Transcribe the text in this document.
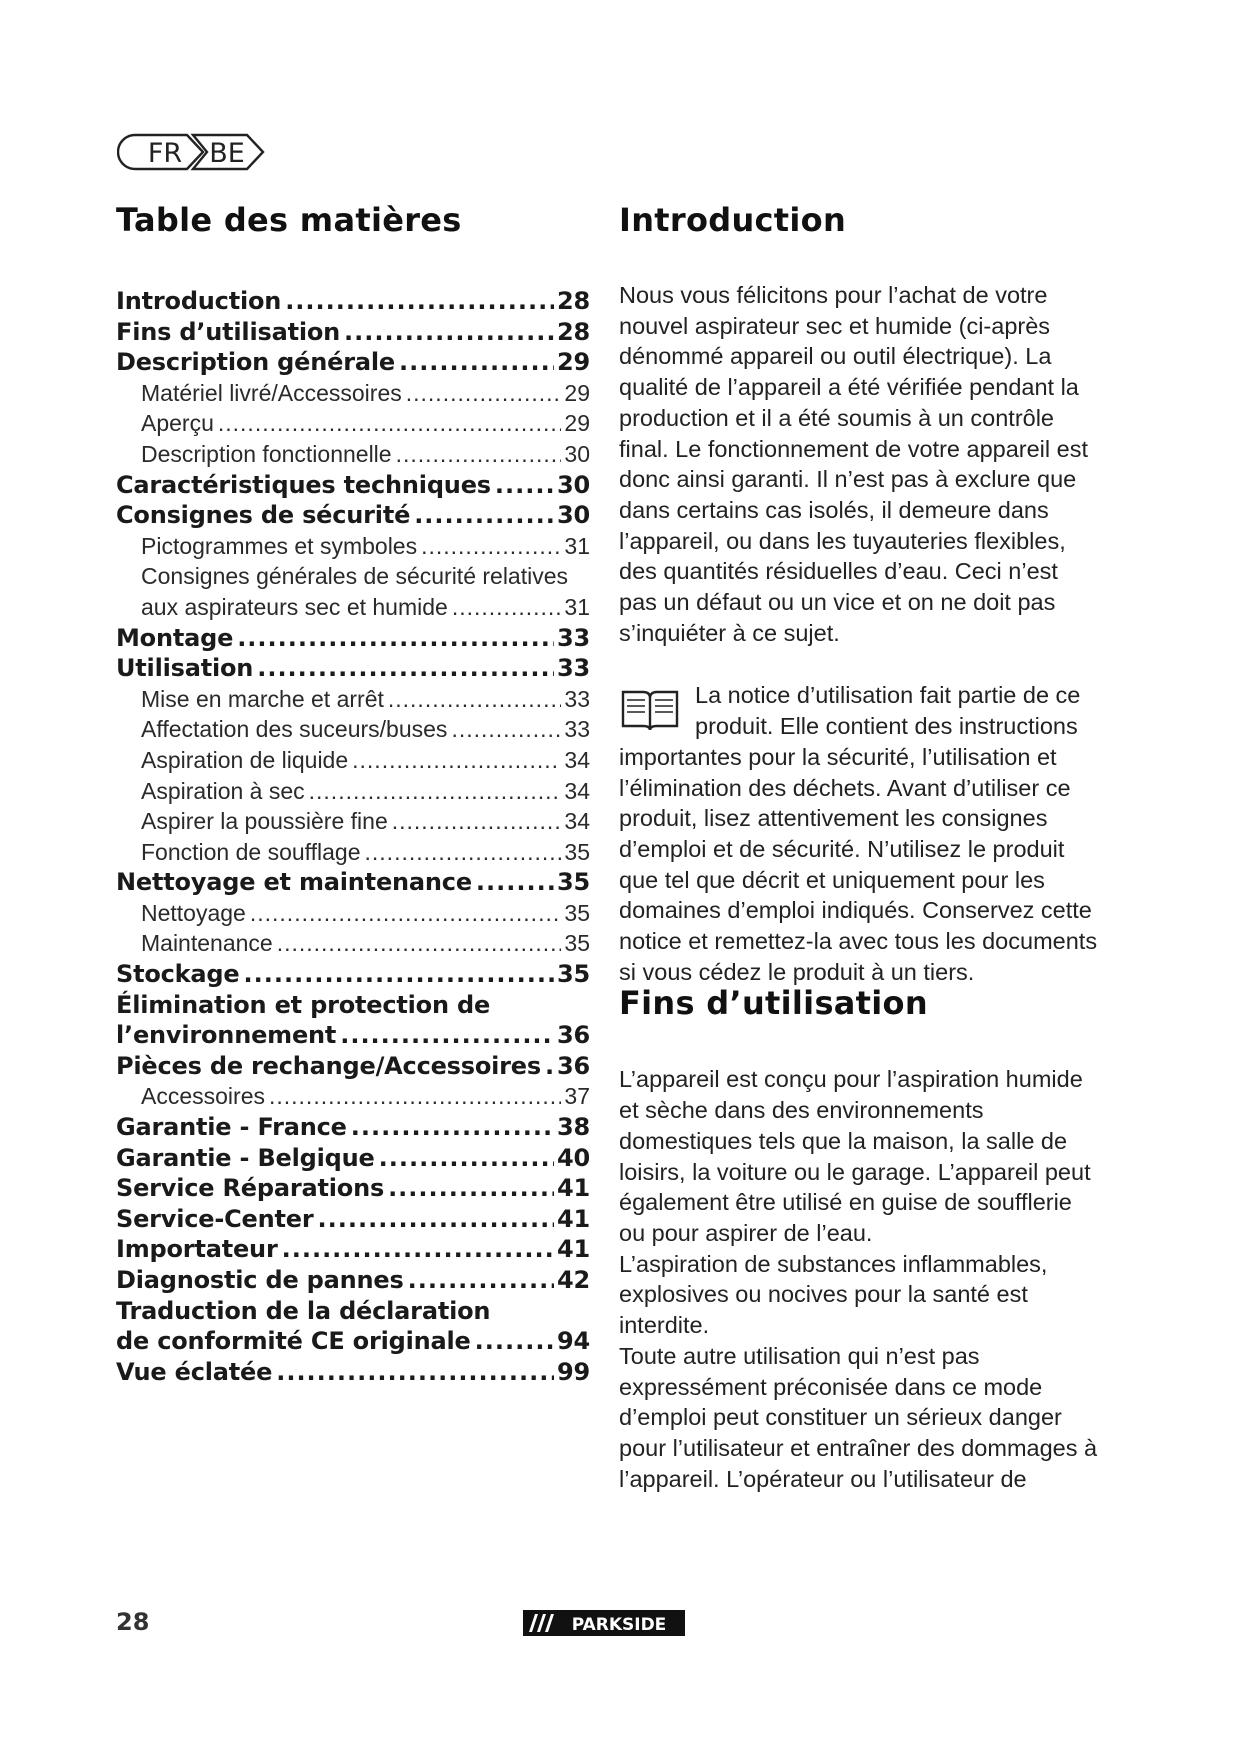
FR BE
Table des matières
Introduction .....	28
Fins d’utilisation .....	28
Description générale .....	29
Matériel livré/Accessoires .....	29
Aperçu .....	29
Description fonctionnelle .....	30
Caractéristiques techniques .....	30
Consignes de sécurité .....	30
Pictogrammes et symboles .....	31
Consignes générales de sécurité relatives
aux aspirateurs sec et humide .....	31
Montage .....	33
Utilisation .....	33
Mise en marche et arrêt .....	33
Affectation des suceurs/buses .....	33
Aspiration de liquide .....	34
Aspiration à sec .....	34
Aspirer la poussière fine .....	34
Fonction de soufflage .....	35
Nettoyage et maintenance .....	35
Nettoyage .....	35
Maintenance .....	35
Stockage .....	35
Élimination et protection de
l’environnement .....	36
Pièces de rechange/Accessoires ..... 36
Accessoires .....	37
Garantie - France .....	38
Garantie - Belgique .....	40
Service Réparations .....	41
Service-Center .....	41
Importateur .....	41
Diagnostic de pannes .....	42
Traduction de la déclaration
de conformité CE originale .....	94
Vue éclatée .....	99
Introduction

Nous vous félicitons pour l’achat de votre nouvel aspirateur sec et humide (ci-après dénommé appareil ou outil électrique). La qualité de l’appareil a été vérifiée pendant la production et il a été soumis à un contrôle final. Le fonctionnement de votre appareil est donc ainsi garanti. Il n’est pas à exclure que dans certains cas isolés, il demeure dans l’appareil, ou dans les tuyauteries flexibles, des quantités résiduelles d’eau. Ceci n’est pas un défaut ou un vice et on ne doit pas s’inquiéter à ce sujet.

La notice d’utilisation fait partie de ce produit. Elle contient des instructions importantes pour la sécurité, l’utilisation et l’élimination des déchets. Avant d’utiliser ce produit, lisez attentivement les consignes d’emploi et de sécurité. N’utilisez le produit que tel que décrit et uniquement pour les domaines d’emploi indiqués. Conservez cette notice et remettez-la avec tous les documents si vous cédez le produit à un tiers.

Fins d’utilisation

L’appareil est conçu pour l’aspiration humide et sèche dans des environnements domestiques tels que la maison, la salle de loisirs, la voiture ou le garage. L’appareil peut également être utilisé en guise de soufflerie ou pour aspirer de l’eau.

L’aspiration de substances inflammables, explosives ou nocives pour la santé est interdite.

Toute autre utilisation qui n’est pas expressément préconisée dans ce mode d’emploi peut constituer un sérieux danger pour l’utilisateur et entraîner des dommages à l’appareil. L’opérateur ou l’utilisateur de

28	PARKSIDE
